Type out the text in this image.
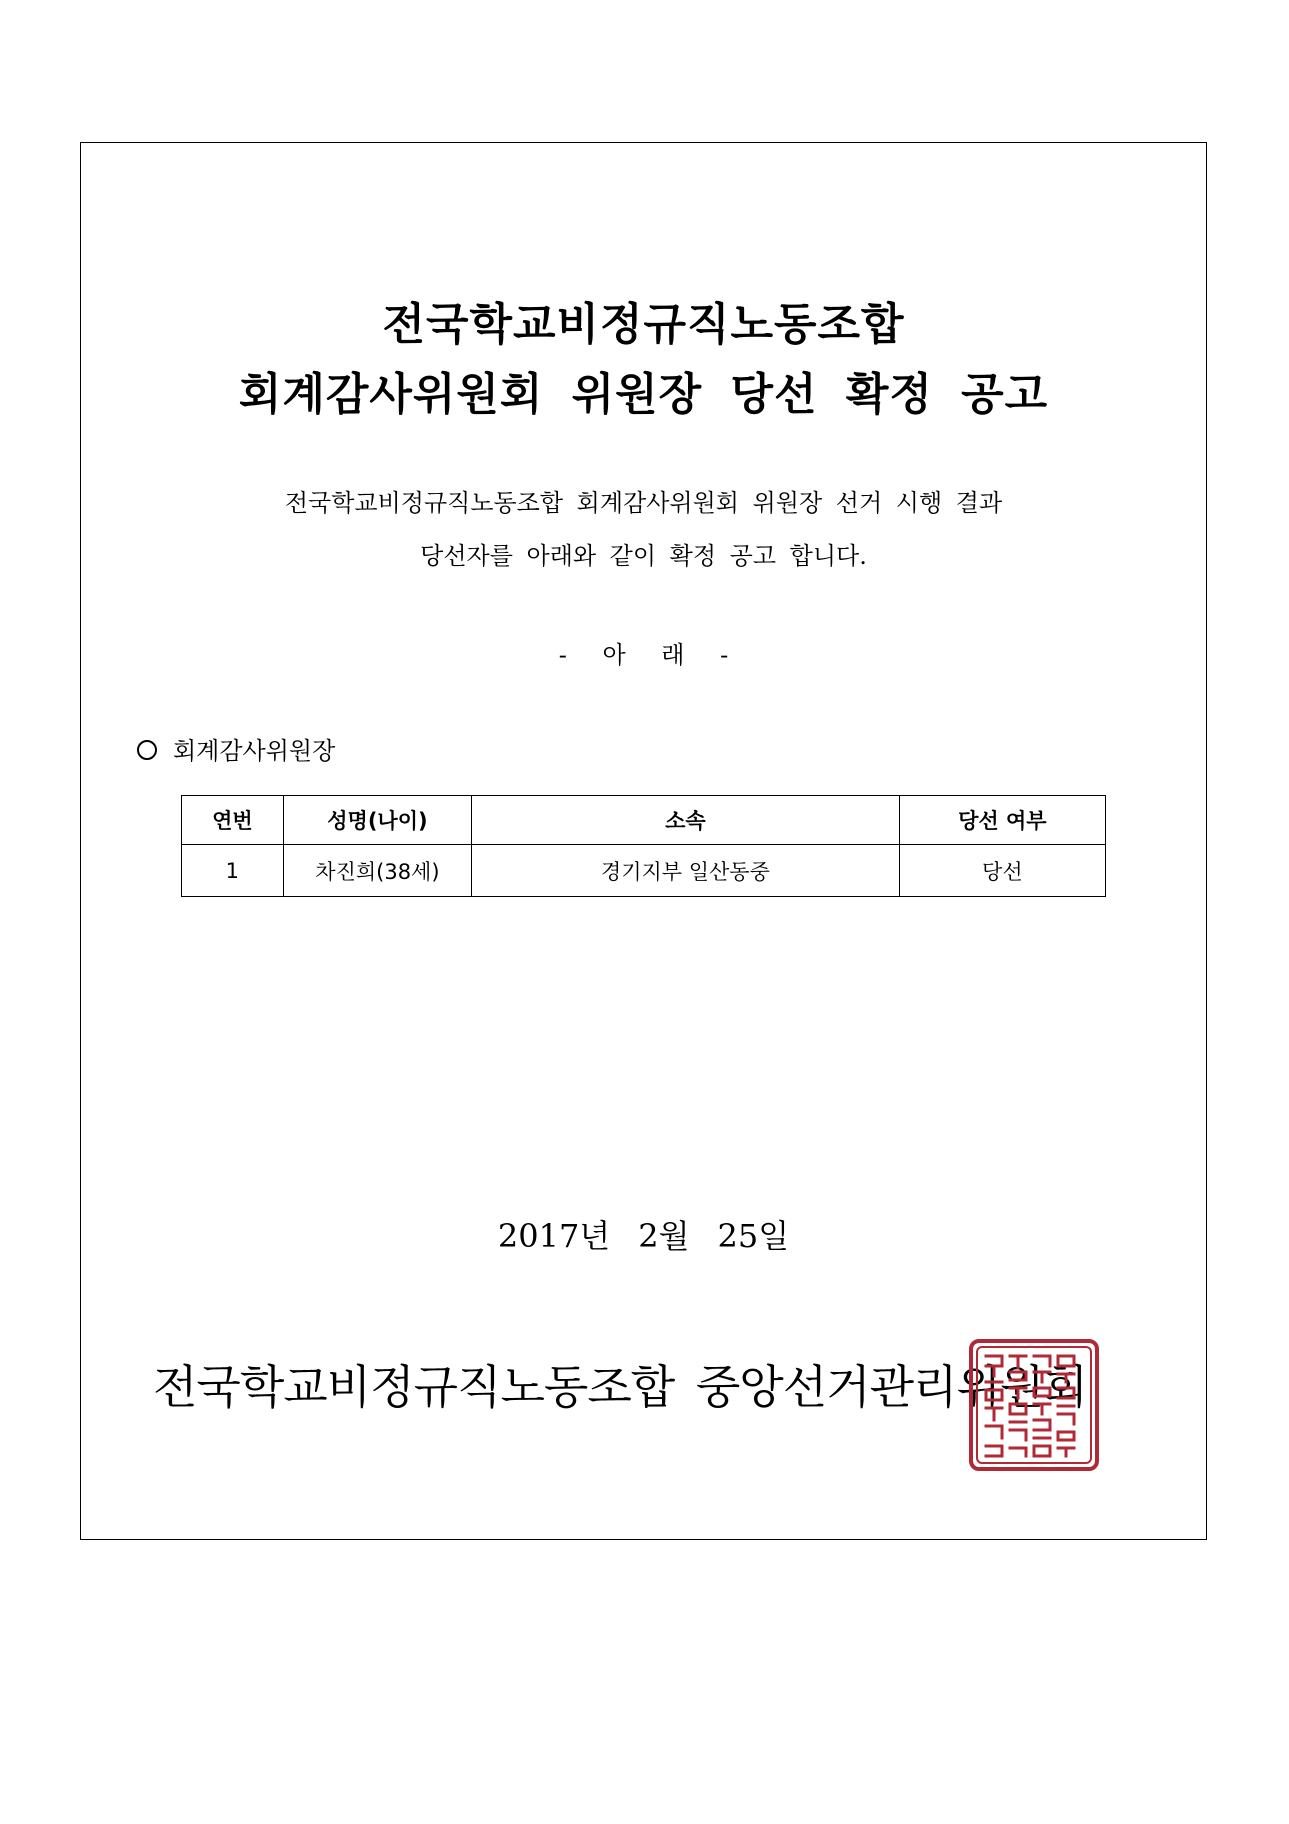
전국학교비정규직노동조합
회계감사위원회 위원장 당선 확정 공고
전국학교비정규직노동조합 회계감사위원회 위원장 선거 시행 결과
당선자를 아래와 같이 확정 공고 합니다.
- 아 래 -
회계감사위원장
연번	성명(나이)	소속	당선 여부
1	차진희(38세)	경기지부 일산동중	당선
2017년 2월 25일
전국학교비정규직노동조합 중앙선거관리위원회
